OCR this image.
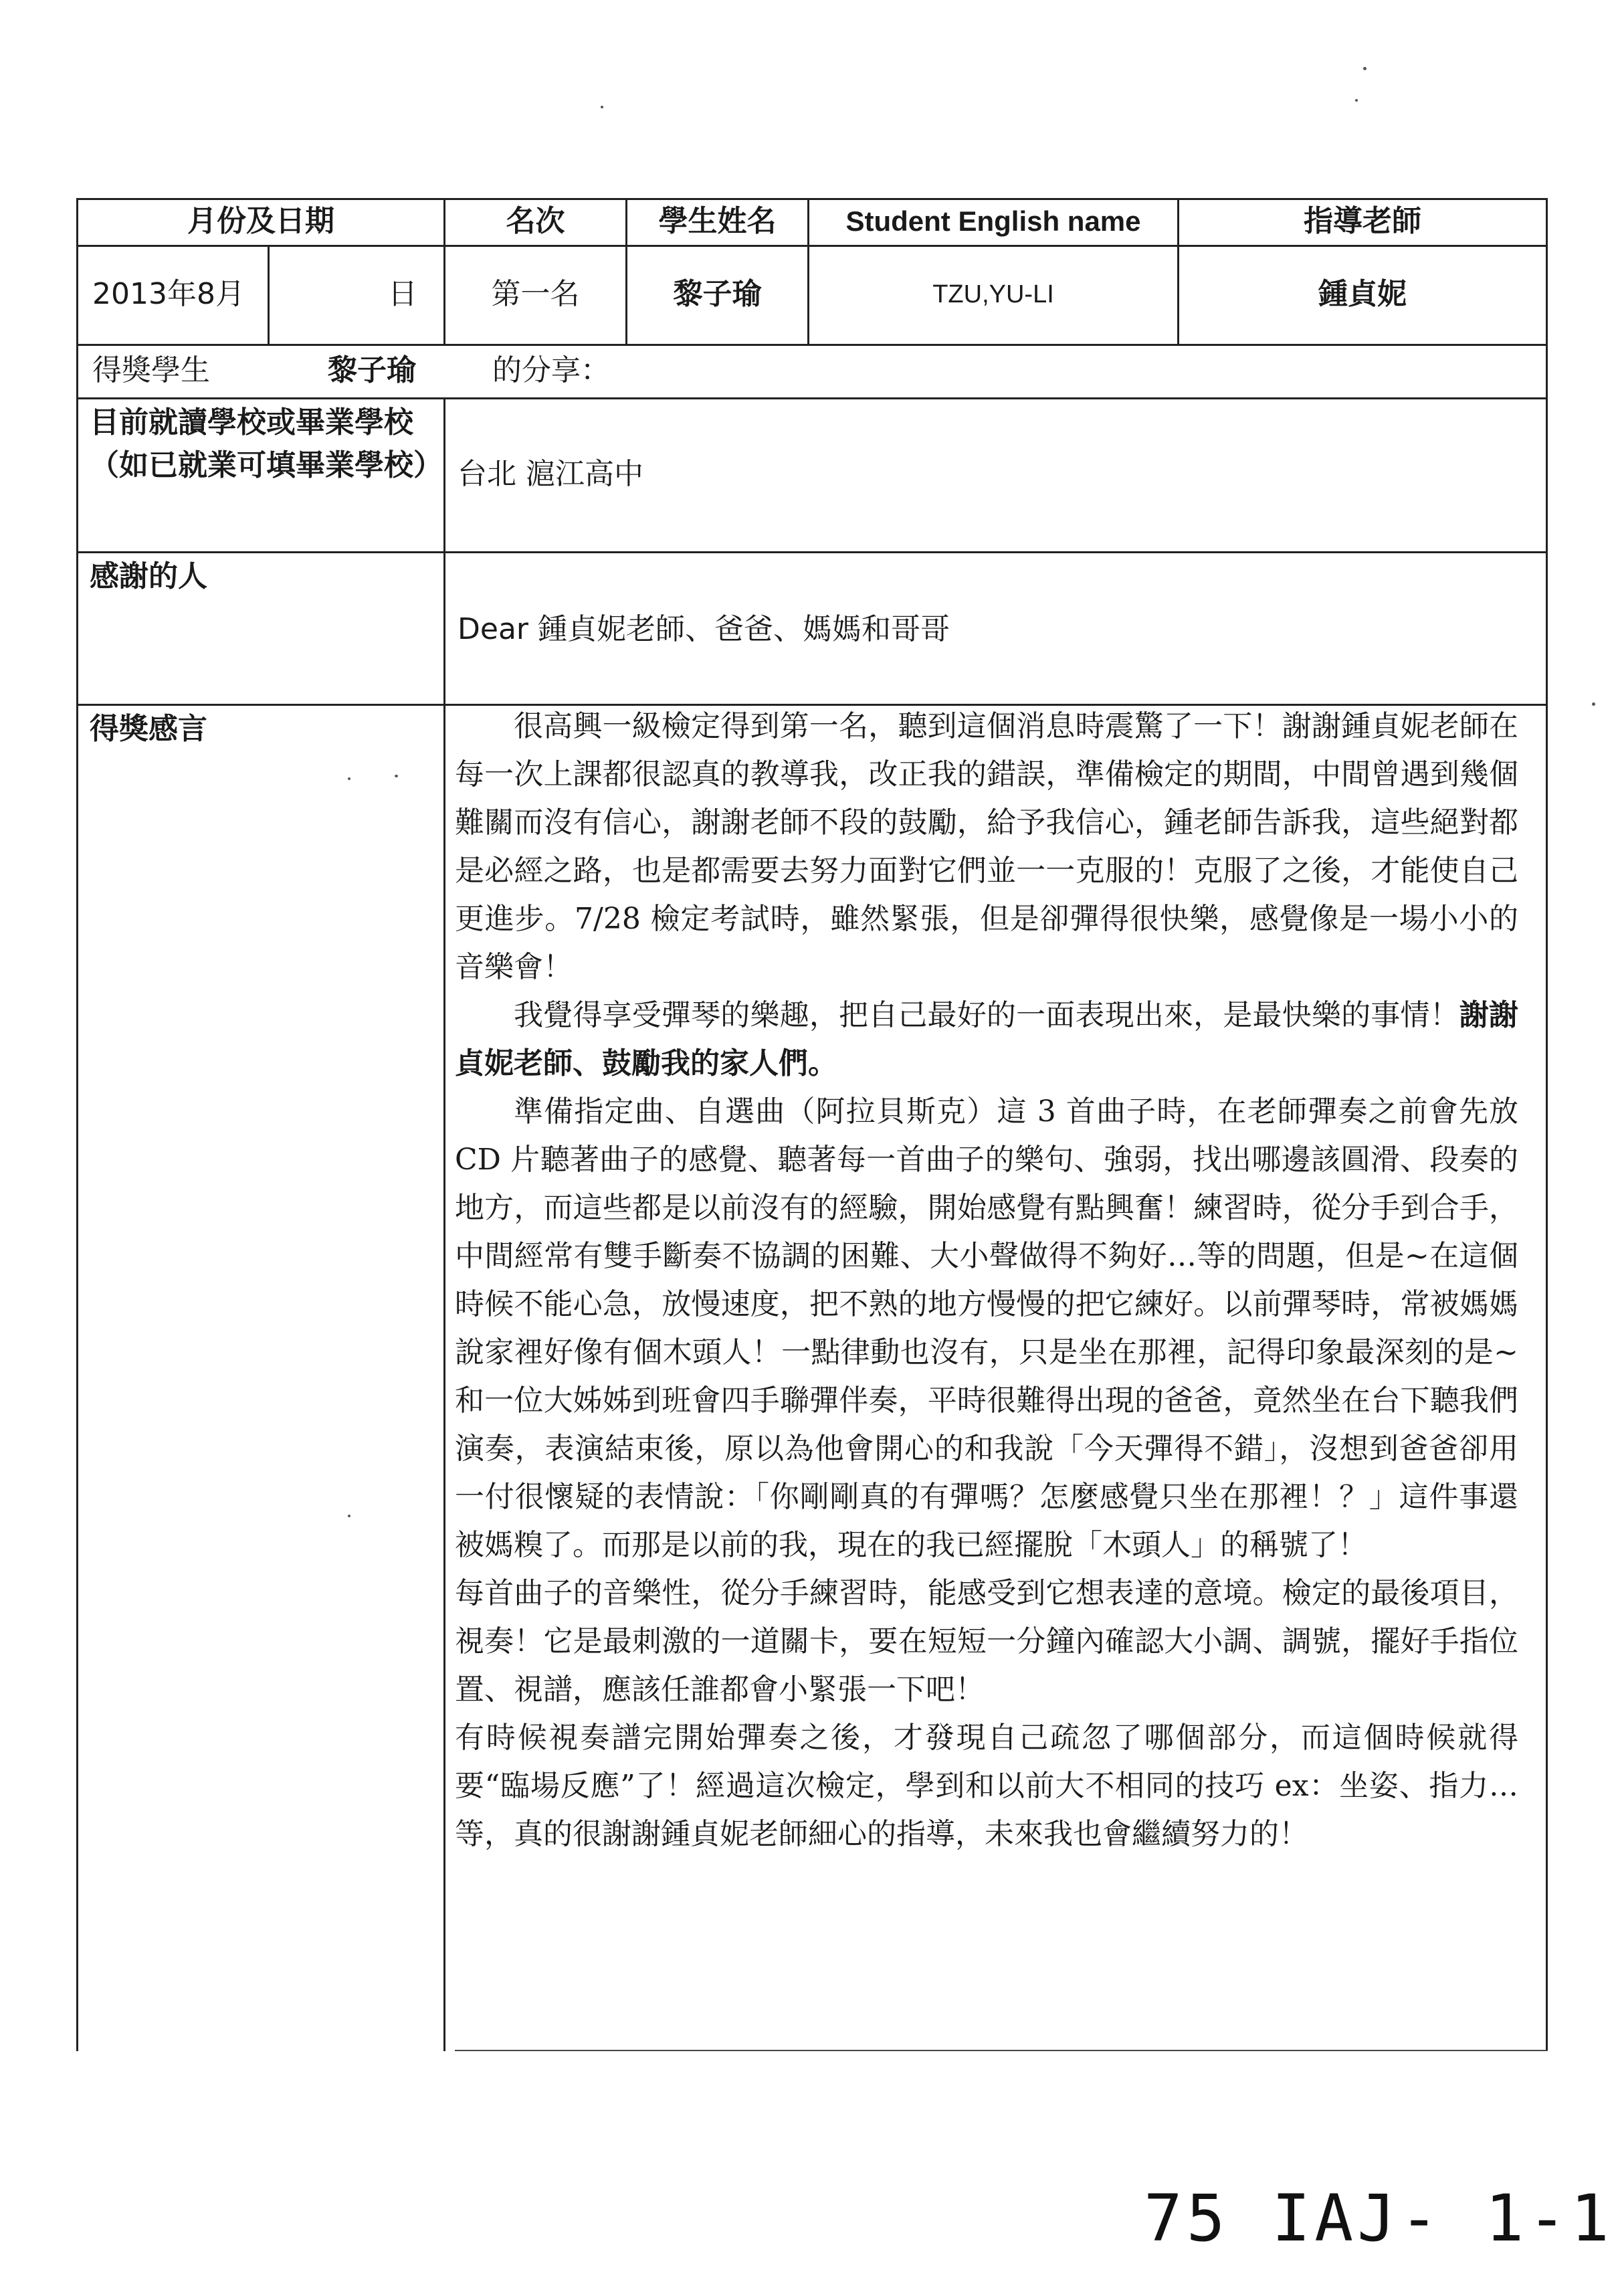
月份及日期	名次	學生姓名	Student English name	指導老師
2013年8月	日	第一名	黎子瑜	TZU,YU-LI	鍾貞妮
得獎學生	黎子瑜	的分享：
目前就讀學校或畢業學校（如已就業可填畢業學校） 台北 滬江高中
感謝的人
Dear 鍾貞妮老師、爸爸、媽媽和哥哥
得獎感言	很高興一級檢定得到第一名，聽到這個消息時震驚了一下！謝謝鍾貞妮老師在每一次上課都很認真的教導我，改正我的錯誤，準備檢定的期間，中間曾遇到幾個難關而沒有信心，謝謝老師不段的鼓勵，給予我信心，鍾老師告訴我，這些絕對都是必經之路，也是都需要去努力面對它們並一一克服的！克服了之後，才能使自己更進步。7/28 檢定考試時，雖然緊張，但是卻彈得很快樂，感覺像是一場小小的音樂會！

我覺得享受彈琴的樂趣，把自己最好的一面表現出來，是最快樂的事情！謝謝貞妮老師、鼓勵我的家人們。

準備指定曲、自選曲（阿拉貝斯克）這 3 首曲子時，在老師彈奏之前會先放 CD 片聽著曲子的感覺、聽著每一首曲子的樂句、強弱，找出哪邊該圓滑、段奏的地方，而這些都是以前沒有的經驗，開始感覺有點興奮！練習時，從分手到合手，中間經常有雙手斷奏不協調的困難、大小聲做得不夠好…等的問題，但是~在這個時候不能心急，放慢速度，把不熟的地方慢慢的把它練好。以前彈琴時，常被媽媽說家裡好像有個木頭人！一點律動也沒有，只是坐在那裡，記得印象最深刻的是~和一位大姊姊到班會四手聯彈伴奏，平時很難得出現的爸爸，竟然坐在台下聽我們演奏，表演結束後，原以為他會開心的和我說「今天彈得不錯」，沒想到爸爸卻用一付很懷疑的表情說：「你剛剛真的有彈嗎？怎麼感覺只坐在那裡！？」這件事還被媽糗了。而那是以前的我，現在的我已經擺脫「木頭人」的稱號了！

每首曲子的音樂性，從分手練習時，能感受到它想表達的意境。檢定的最後項目，視奏！它是最刺激的一道關卡，要在短短一分鐘內確認大小調、調號，擺好手指位置、視譜，應該任誰都會小緊張一下吧！

有時候視奏譜完開始彈奏之後，才發現自己疏忽了哪個部分，而這個時候就得要“臨場反應”了！經過這次檢定，學到和以前大不相同的技巧 ex：坐姿、指力…等，真的很謝謝鍾貞妮老師細心的指導，未來我也會繼續努力的！

75 IAJ- 1-1
